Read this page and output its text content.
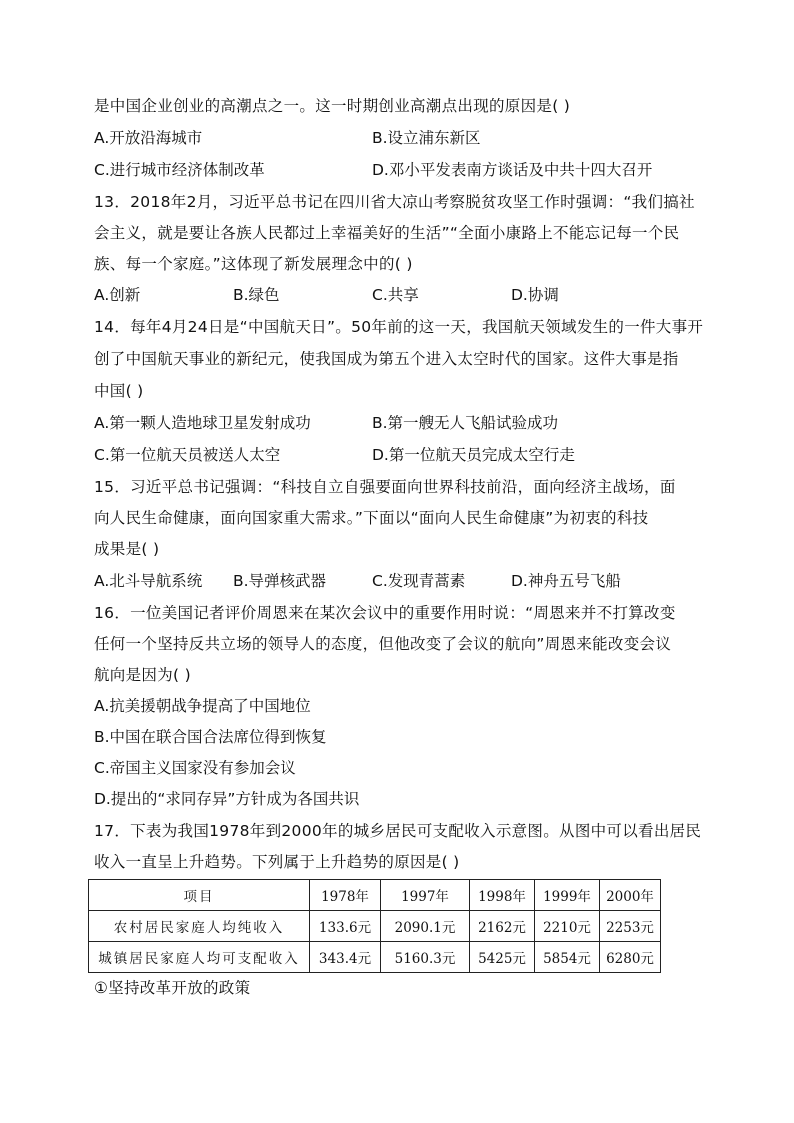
是中国企业创业的高潮点之一。这一时期创业高潮点出现的原因是( )
A.开放沿海城市	B.设立浦东新区
C.进行城市经济体制改革	D.邓小平发表南方谈话及中共十四大召开
13．2018年2月，习近平总书记在四川省大凉山考察脱贫攻坚工作时强调：“我们搞社
会主义，就是要让各族人民都过上幸福美好的生活”“全面小康路上不能忘记每一个民
族、每一个家庭。”这体现了新发展理念中的( )
A.创新	B.绿色	C.共享	D.协调
14．每年4月24日是“中国航天日”。50年前的这一天，我国航天领域发生的一件大事开
创了中国航天事业的新纪元，使我国成为第五个进入太空时代的国家。这件大事是指
中国( )
A.第一颗人造地球卫星发射成功	B.第一艘无人飞船试验成功
C.第一位航天员被送人太空	D.第一位航天员完成太空行走
15．习近平总书记强调：“科技自立自强要面向世界科技前沿，面向经济主战场，面
向人民生命健康，面向国家重大需求。”下面以“面向人民生命健康”为初衷的科技
成果是( )
A.北斗导航系统 B.导弹核武器	C.发现青蒿素	D.神舟五号飞船
16．一位美国记者评价周恩来在某次会议中的重要作用时说：“周恩来并不打算改变
任何一个坚持反共立场的领导人的态度，但他改变了会议的航向”周恩来能改变会议
航向是因为( )
A.抗美援朝战争提高了中国地位
B.中国在联合国合法席位得到恢复
C.帝国主义国家没有参加会议
D.提出的“求同存异”方针成为各国共识
17．下表为我国1978年到2000年的城乡居民可支配收入示意图。从图中可以看出居民
收入一直呈上升趋势。下列属于上升趋势的原因是( )
项目	1978年	1997年	1998年	1999年	2000年
农村居民家庭人均纯收入	133.6元	2090.1元	2162元	2210元	2253元
城镇居民家庭人均可支配收入	343.4元	5160.3元	5425元	5854元	6280元
①坚持改革开放的政策
